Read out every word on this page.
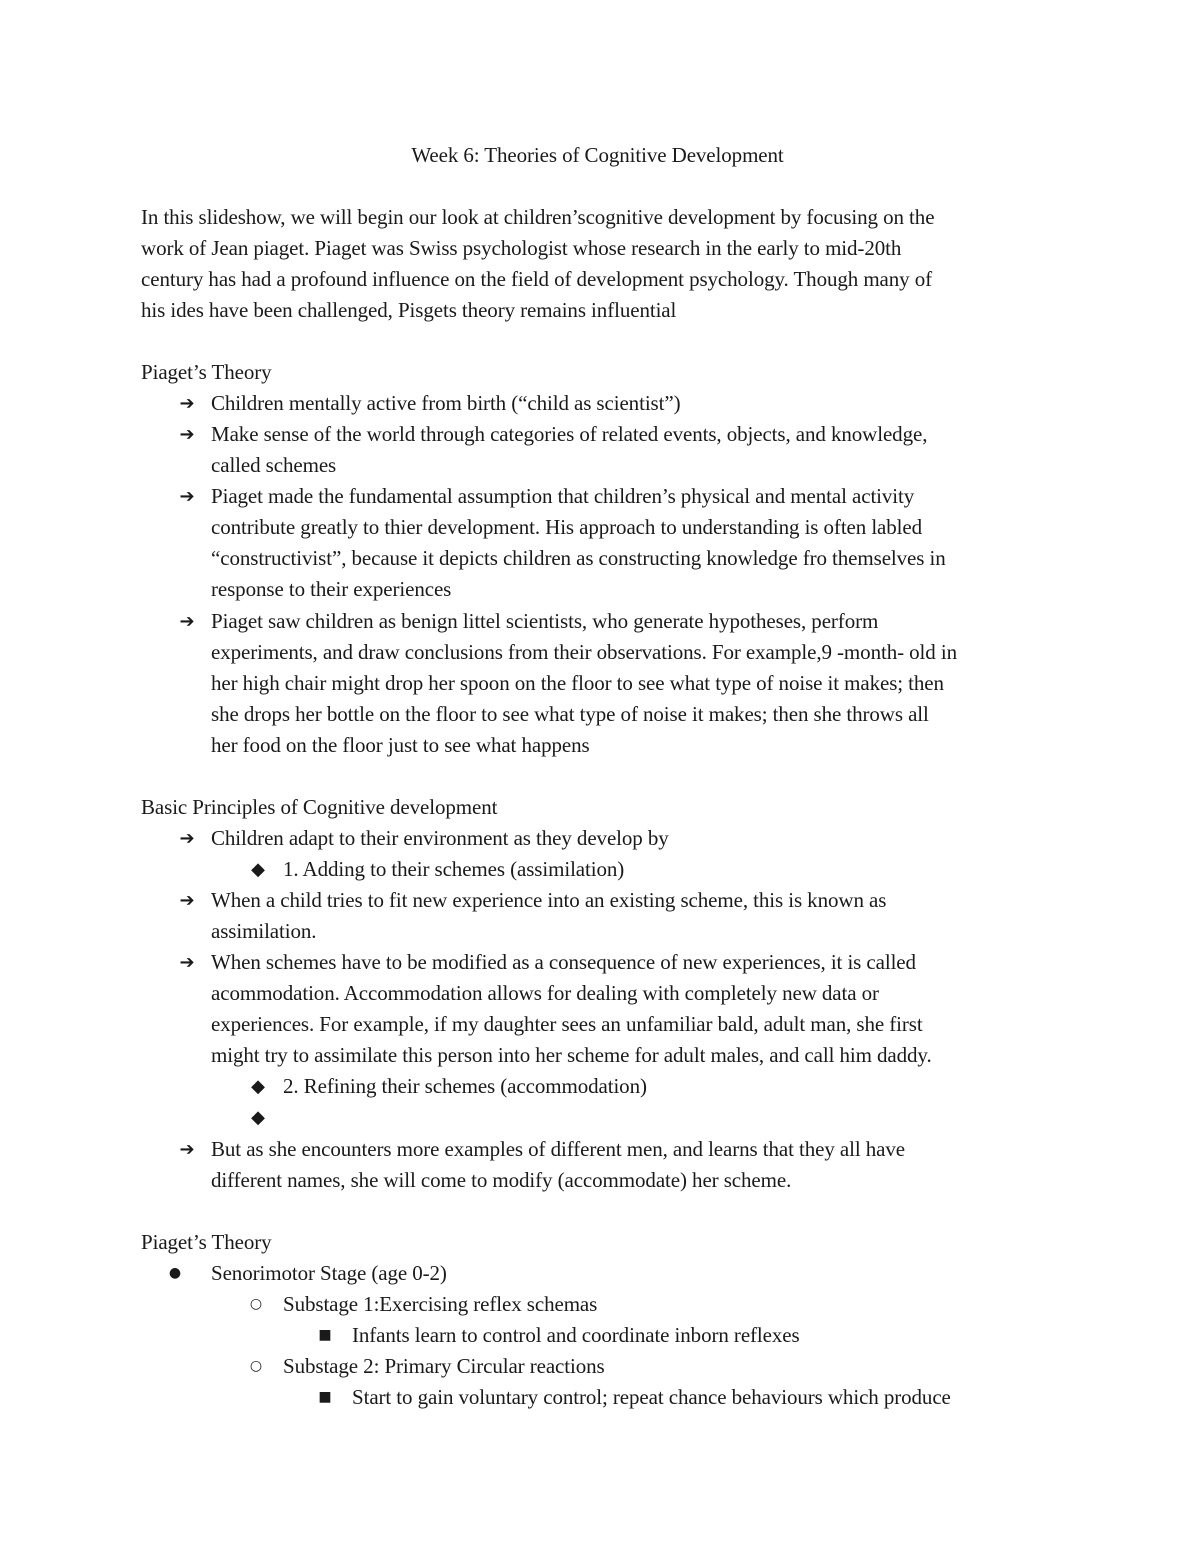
Week 6: Theories of Cognitive Development
In this slideshow, we will begin our look at children’scognitive development by focusing on the
work of Jean piaget. Piaget was Swiss psychologist whose research in the early to mid-20th
century has had a profound influence on the field of development psychology. Though many of
his ides have been challenged, Pisgets theory remains influential
Piaget’s Theory
➔ Children mentally active from birth (“child as scientist”)
➔ Make sense of the world through categories of related events, objects, and knowledge,
called schemes
➔ Piaget made the fundamental assumption that children’s physical and mental activity
contribute greatly to thier development. His approach to understanding is often labled
“constructivist”, because it depicts children as constructing knowledge fro themselves in
response to their experiences
➔ Piaget saw children as benign littel scientists, who generate hypotheses, perform
experiments, and draw conclusions from their observations. For example,9 -month- old in
her high chair might drop her spoon on the floor to see what type of noise it makes; then
she drops her bottle on the floor to see what type of noise it makes; then she throws all
her food on the floor just to see what happens
Basic Principles of Cognitive development
➔ Children adapt to their environment as they develop by
◆ 1. Adding to their schemes (assimilation)
➔ When a child tries to fit new experience into an existing scheme, this is known as
assimilation.
➔ When schemes have to be modified as a consequence of new experiences, it is called
acommodation. Accommodation allows for dealing with completely new data or
experiences. For example, if my daughter sees an unfamiliar bald, adult man, she first
might try to assimilate this person into her scheme for adult males, and call him daddy.
◆ 2. Refining their schemes (accommodation)
◆
➔ But as she encounters more examples of different men, and learns that they all have
different names, she will come to modify (accommodate) her scheme.
Piaget’s Theory
● Senorimotor Stage (age 0-2)
○ Substage 1:Exercising reflex schemas
■ Infants learn to control and coordinate inborn reflexes
○ Substage 2: Primary Circular reactions
■ Start to gain voluntary control; repeat chance behaviours which produce
